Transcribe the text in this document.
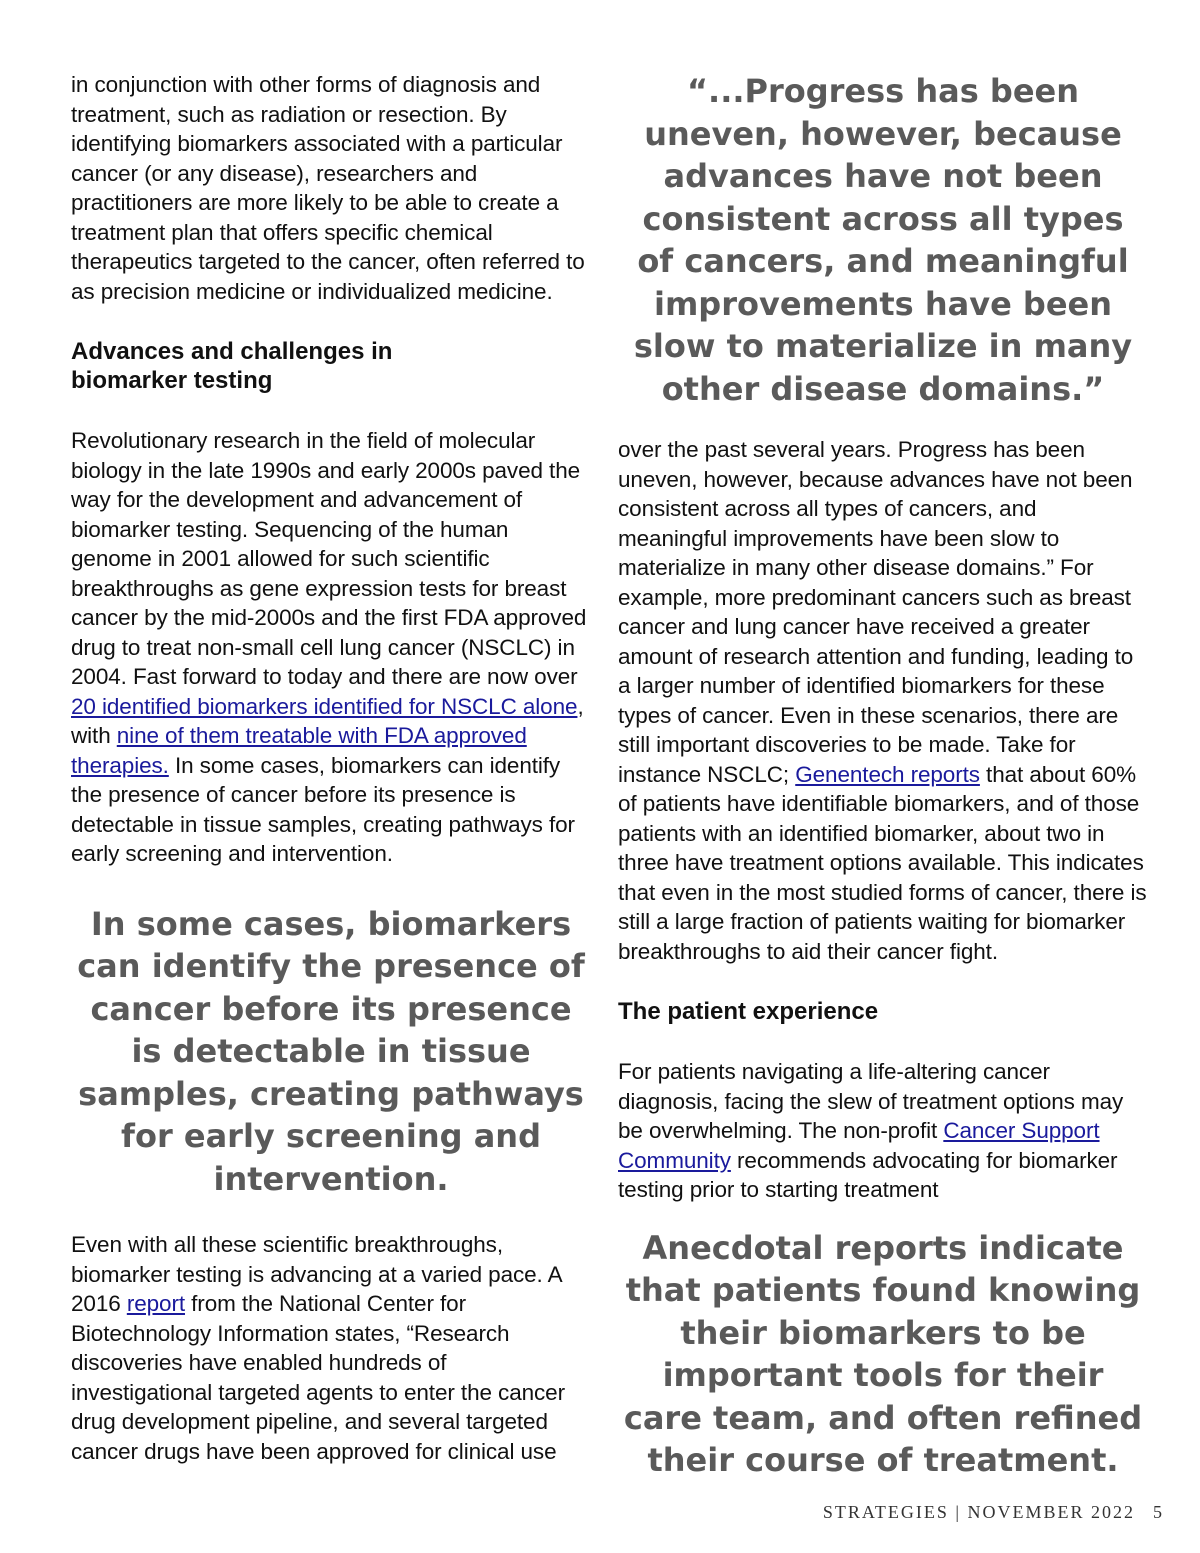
in conjunction with other forms of diagnosis and treatment, such as radiation or resection. By identifying biomarkers associated with a particular cancer (or any disease), researchers and practitioners are more likely to be able to create a treatment plan that offers specific chemical therapeutics targeted to the cancer, often referred to as precision medicine or individualized medicine.

Advances and challenges in
biomarker testing

Revolutionary research in the field of molecular biology in the late 1990s and early 2000s paved the way for the development and advancement of biomarker testing. Sequencing of the human genome in 2001 allowed for such scientific breakthroughs as gene expression tests for breast cancer by the mid-2000s and the first FDA approved drug to treat non-small cell lung cancer (NSCLC) in 2004. Fast forward to today and there are now over 20 identified biomarkers identified for NSCLC alone, with nine of them treatable with FDA approved therapies. In some cases, biomarkers can identify the presence of cancer before its presence is detectable in tissue samples, creating pathways for early screening and intervention.

In some cases, biomarkers can identify the presence of cancer before its presence is detectable in tissue samples, creating pathways for early screening and intervention.

Even with all these scientific breakthroughs, biomarker testing is advancing at a varied pace. A 2016 report from the National Center for Biotechnology Information states, “Research discoveries have enabled hundreds of investigational targeted agents to enter the cancer drug development pipeline, and several targeted cancer drugs have been approved for clinical use

“...Progress has been uneven, however, because advances have not been consistent across all types of cancers, and meaningful improvements have been slow to materialize in many other disease domains.”

over the past several years. Progress has been uneven, however, because advances have not been consistent across all types of cancers, and meaningful improvements have been slow to materialize in many other disease domains.” For example, more predominant cancers such as breast cancer and lung cancer have received a greater amount of research attention and funding, leading to a larger number of identified biomarkers for these types of cancer. Even in these scenarios, there are still important discoveries to be made. Take for instance NSCLC; Genentech reports that about 60% of patients have identifiable biomarkers, and of those patients with an identified biomarker, about two in three have treatment options available. This indicates that even in the most studied forms of cancer, there is still a large fraction of patients waiting for biomarker breakthroughs to aid their cancer fight.

The patient experience

For patients navigating a life-altering cancer diagnosis, facing the slew of treatment options may be overwhelming. The non-profit Cancer Support Community recommends advocating for biomarker testing prior to starting treatment

Anecdotal reports indicate that patients found knowing their biomarkers to be important tools for their care team, and often refined their course of treatment.

STRATEGIES | NOVEMBER 2022 5
